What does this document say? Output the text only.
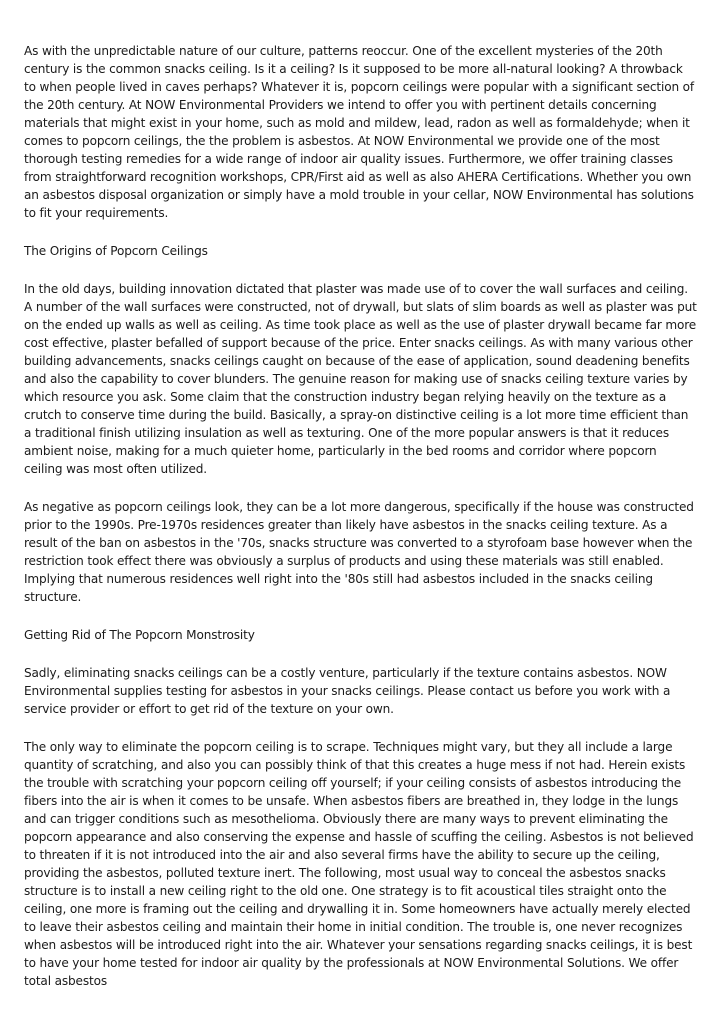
As with the unpredictable nature of our culture, patterns reoccur. One of the excellent mysteries of the 20th century is the common snacks ceiling. Is it a ceiling? Is it supposed to be more all-natural looking? A throwback to when people lived in caves perhaps? Whatever it is, popcorn ceilings were popular with a significant section of the 20th century. At NOW Environmental Providers we intend to offer you with pertinent details concerning materials that might exist in your home, such as mold and mildew, lead, radon as well as formaldehyde; when it comes to popcorn ceilings, the the problem is asbestos. At NOW Environmental we provide one of the most thorough testing remedies for a wide range of indoor air quality issues. Furthermore, we offer training classes from straightforward recognition workshops, CPR/First aid as well as also AHERA Certifications. Whether you own an asbestos disposal organization or simply have a mold trouble in your cellar, NOW Environmental has solutions to fit your requirements.

The Origins of Popcorn Ceilings

In the old days, building innovation dictated that plaster was made use of to cover the wall surfaces and ceiling. A number of the wall surfaces were constructed, not of drywall, but slats of slim boards as well as plaster was put on the ended up walls as well as ceiling. As time took place as well as the use of plaster drywall became far more cost effective, plaster befalled of support because of the price. Enter snacks ceilings. As with many various other building advancements, snacks ceilings caught on because of the ease of application, sound deadening benefits and also the capability to cover blunders. The genuine reason for making use of snacks ceiling texture varies by which resource you ask. Some claim that the construction industry began relying heavily on the texture as a crutch to conserve time during the build. Basically, a spray-on distinctive ceiling is a lot more time efficient than a traditional finish utilizing insulation as well as texturing. One of the more popular answers is that it reduces ambient noise, making for a much quieter home, particularly in the bed rooms and corridor where popcorn ceiling was most often utilized.

As negative as popcorn ceilings look, they can be a lot more dangerous, specifically if the house was constructed prior to the 1990s. Pre-1970s residences greater than likely have asbestos in the snacks ceiling texture. As a result of the ban on asbestos in the '70s, snacks structure was converted to a styrofoam base however when the restriction took effect there was obviously a surplus of products and using these materials was still enabled. Implying that numerous residences well right into the '80s still had asbestos included in the snacks ceiling structure.

Getting Rid of The Popcorn Monstrosity

Sadly, eliminating snacks ceilings can be a costly venture, particularly if the texture contains asbestos. NOW Environmental supplies testing for asbestos in your snacks ceilings. Please contact us before you work with a service provider or effort to get rid of the texture on your own.

The only way to eliminate the popcorn ceiling is to scrape. Techniques might vary, but they all include a large quantity of scratching, and also you can possibly think of that this creates a huge mess if not had. Herein exists the trouble with scratching your popcorn ceiling off yourself; if your ceiling consists of asbestos introducing the fibers into the air is when it comes to be unsafe. When asbestos fibers are breathed in, they lodge in the lungs and can trigger conditions such as mesothelioma. Obviously there are many ways to prevent eliminating the popcorn appearance and also conserving the expense and hassle of scuffing the ceiling. Asbestos is not believed to threaten if it is not introduced into the air and also several firms have the ability to secure up the ceiling, providing the asbestos, polluted texture inert. The following, most usual way to conceal the asbestos snacks structure is to install a new ceiling right to the old one. One strategy is to fit acoustical tiles straight onto the ceiling, one more is framing out the ceiling and drywalling it in. Some homeowners have actually merely elected to leave their asbestos ceiling and maintain their home in initial condition. The trouble is, one never recognizes when asbestos will be introduced right into the air. Whatever your sensations regarding snacks ceilings, it is best to have your home tested for indoor air quality by the professionals at NOW Environmental Solutions. We offer total asbestos
